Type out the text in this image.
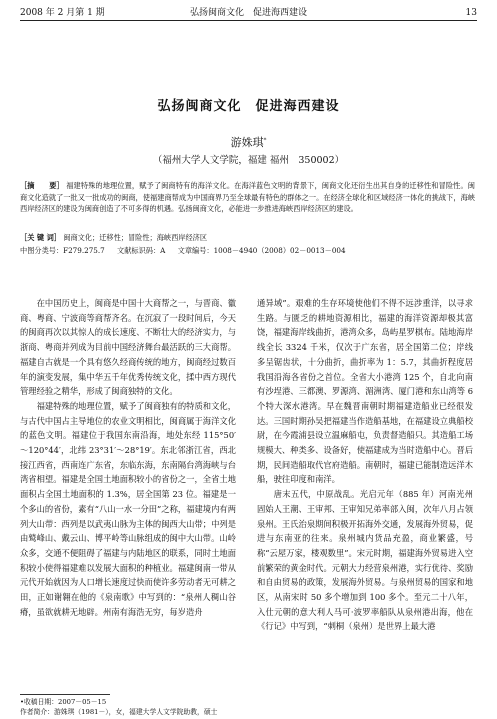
2008 年 2 月第 1 期	弘扬闽商文化　促进海西建设	13
弘扬闽商文化　促进海西建设
游姝琪*
（福州大学人文学院，福建 福州　350002）
［摘　　要］ 福建特殊的地理位置，赋予了闽商特有的海洋文化。在海洋蓝色文明的背景下，闽商文化还衍生出其自身的迁移性和冒险性。闽商文化造就了一批又一批成功的闽商，使福建商帮成为中国商界乃至全球最有特色的群体之一。在经济全球化和区域经济一体化的挑战下，海峡西岸经济区的建设为闽商创造了不可多得的机遇。弘扬闽商文化，必能进一步推进海峡西岸经济区的建设。
［关 键 词］ 闽商文化；迁移性；冒险性；海峡西岸经济区
中图分类号：F279.275.7 文献标识码：A 文章编号：1008－4940（2008）02－0013－004

在中国历史上，闽商是中国十大商帮之一，与晋商、徽商、粤商、宁波商等商帮齐名。在沉寂了一段时间后，今天的闽商再次以其惊人的成长速度、不断壮大的经济实力，与浙商、粤商并列成为目前中国经济舞台最活跃的三大商帮。福建自古就是一个具有悠久经商传统的地方，闽商经过数百年的演变发展，集中华五千年优秀传统文化，揉中西方现代管理经验之精华，形成了闽商独特的文化。

福建特殊的地理位置，赋予了闽商独有的特质和文化，与古代中国占主导地位的农业文明相比，闽商属于海洋文化的蓝色文明。福建位于我国东南沿海，地处东经 115°50′～120°44′，北纬 23°31′～28°19′。东北邻浙江省，西北接江西省，西南连广东省，东临东海，东南隔台湾海峡与台湾省相望。福建是全国土地面积较小的省份之一，全省土地面积占全国土地面积的 1.3%，居全国第 23 位。福建是一个多山的省份，素有“八山一水一分田”之称，福建境内有两列大山带：西列是以武夷山脉为主体的闽西大山带；中列是由鹫峰山、戴云山、博平岭等山脉组成的闽中大山带。山岭众多，交通不便阻碍了福建与内陆地区的联系，同时土地面积较小使得福建难以发展大面积的种植业。福建闽南一带从元代开始就因为人口增长速度过快而使许多劳动者无可耕之田，正如谢翱在他的《泉南歌》中写到的：“泉州人稠山谷瘠，虽欲就耕无地辟。州南有海浩无穷，每岁造舟

通异域”。艰难的生存环境使他们不得不远涉重洋，以寻求生路。与匮乏的耕地资源相比，福建的海洋资源却极其富饶，福建海岸线曲折，港湾众多，岛屿星罗棋布。陆地海岸线全长 3324 千米，仅次于广东省，居全国第二位；岸线多呈锯齿状，十分曲折，曲折率为 1：5.7，其曲折程度居我国沿海各省份之首位。全省大小港湾 125 个，自北向南有沙埕港、三都澳、罗源湾、湄洲湾、厦门港和东山湾等 6 个特大深水港湾。早在魏晋南朝时期福建造船业已经很发达。三国时期孙吴把福建当作造船基地，在福建设立典船校尉，在今霞浦县设立温麻船屯，负责督造船只。其造船工场规模大、种类多、设备好，使福建成为当时造船中心。晋后期，民间造船取代官府造船。南朝时，福建已能制造远洋木船，驶往印度和南洋。

唐末五代，中原战乱。光启元年（885 年）河南光州固始人王潮、王审邦、王审知兄弟率部入闽，次年八月占领泉州。王氏治泉期间积极开拓海外交通，发展海外贸易，促进与东南亚的往来。泉州城内货品充盈，商业繁盛，号称“云屋万家，楼观数里”。宋元时期，福建海外贸易进入空前繁荣的黄金时代。元朝大力经营泉州港，实行优待、奖励和自由贸易的政策，发展海外贸易。与泉州贸易的国家和地区，从南宋时 50 多个增加到 100 多个。至元二十八年，入仕元朝的意大利人马可·波罗率船队从泉州港出海，他在《行记》中写到，“刺桐（泉州）是世界上最大港

•收稿日期：2007－05－15
作者简介：游姝琪（1981－），女，福建大学人文学院助教，硕士
